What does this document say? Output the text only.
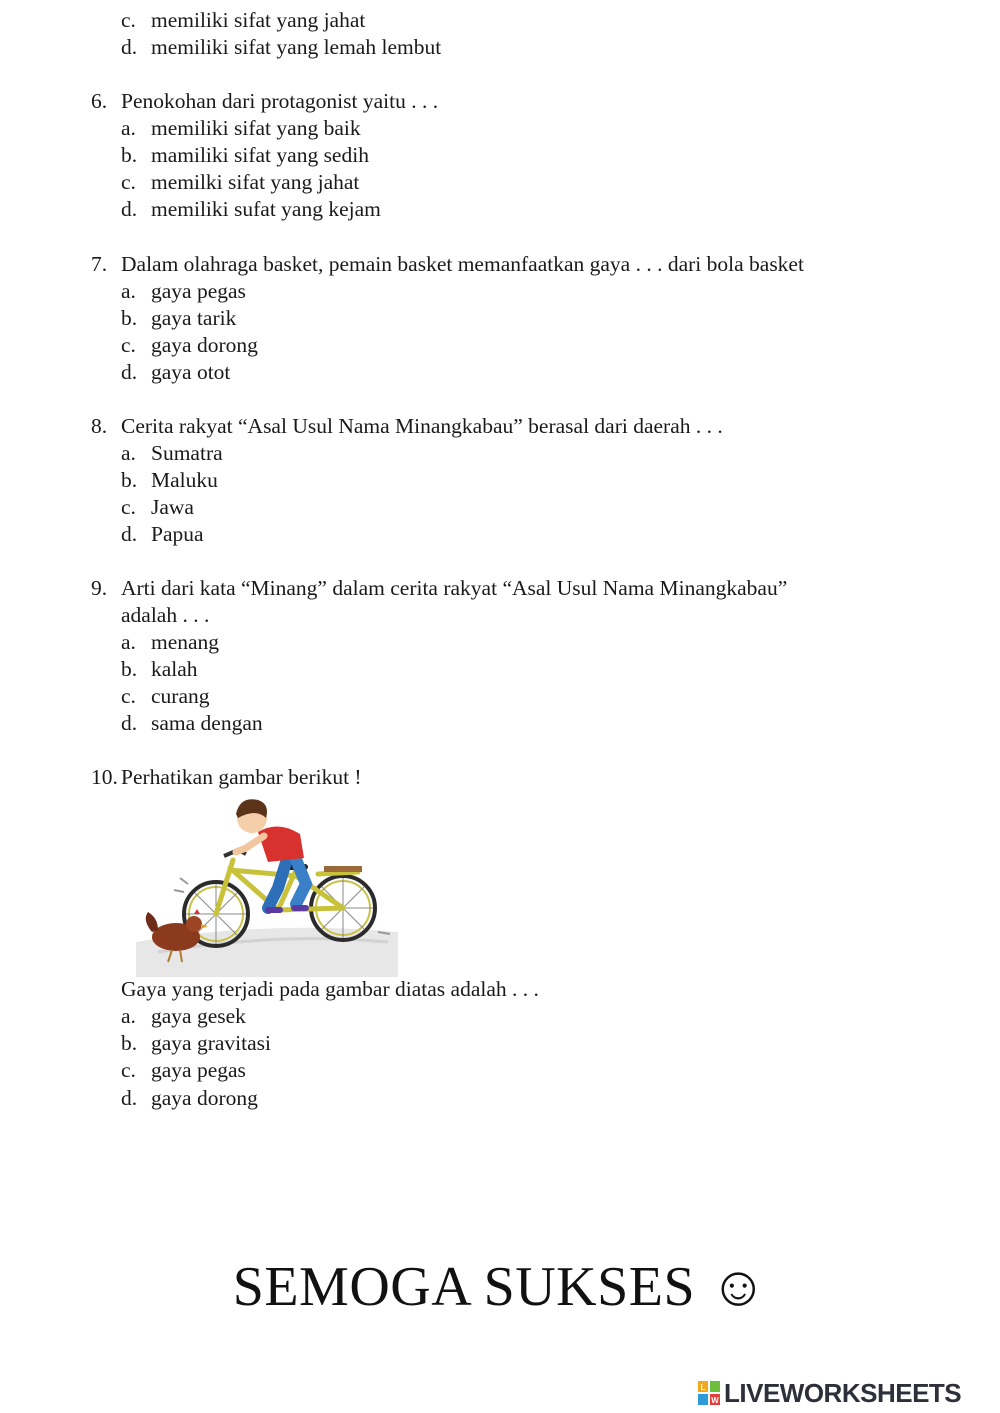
c. memiliki sifat yang jahat
d. memiliki sifat yang lemah lembut
6. Penokohan dari protagonist yaitu . . .
a. memiliki sifat yang baik
b. mamiliki sifat yang sedih
c. memilki sifat yang jahat
d. memiliki sufat yang kejam
7. Dalam olahraga basket, pemain basket memanfaatkan gaya . . . dari bola basket
a. gaya pegas
b. gaya tarik
c. gaya dorong
d. gaya otot
8. Cerita rakyat “Asal Usul Nama Minangkabau” berasal dari daerah . . .
a. Sumatra
b. Maluku
c. Jawa
d. Papua
9. Arti dari kata “Minang” dalam cerita rakyat “Asal Usul Nama Minangkabau”
adalah . . .
a. menang
b. kalah
c. curang
d. sama dengan
10. Perhatikan gambar berikut !
Gaya yang terjadi pada gambar diatas adalah . . .
a. gaya gesek
b. gaya gravitasi
c. gaya pegas
d. gaya dorong
SEMOGA SUKSES ☺
L
W LIVEWORKSHEETS
